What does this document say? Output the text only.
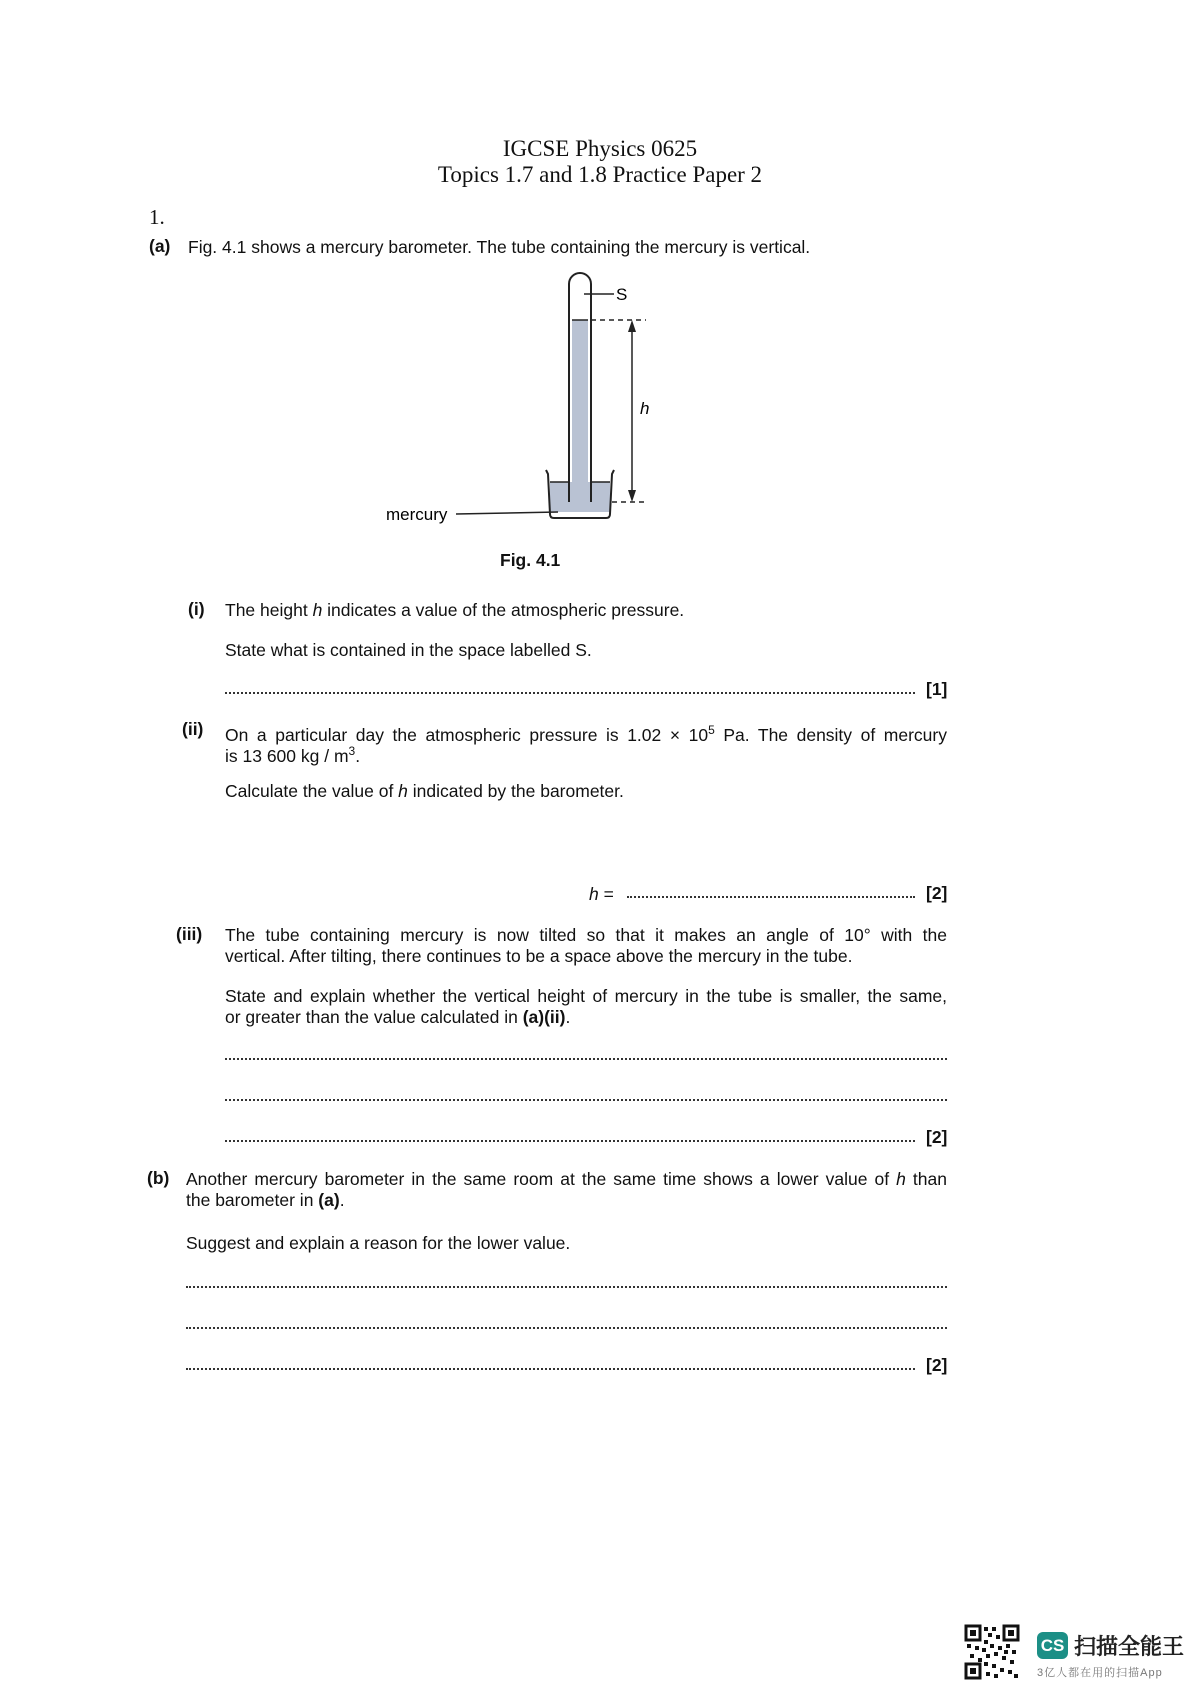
IGCSE Physics 0625
Topics 1.7 and 1.8 Practice Paper 2
1.
(a) Fig. 4.1 shows a mercury barometer. The tube containing the mercury is vertical.
S
h
mercury
Fig. 4.1
(i) The height h indicates a value of the atmospheric pressure.
State what is contained in the space labelled S.
[1]
(ii) On a particular day the atmospheric pressure is $1.02 \times 10^5$ Pa. The density of mercury
is 13 600 kg / $m^3$.
Calculate the value of h indicated by the barometer.
h =	[2]
(iii) The tube containing mercury is now tilted so that it makes an angle of 10° with the
vertical. After tilting, there continues to be a space above the mercury in the tube.
State and explain whether the vertical height of mercury in the tube is smaller, the same,
or greater than the value calculated in (a)(ii).
[2]
(b) Another mercury barometer in the same room at the same time shows a lower value of h than
the barometer in (a).
Suggest and explain a reason for the lower value.
[2]
CS 扫描全能王
3亿人都在用的扫描App
